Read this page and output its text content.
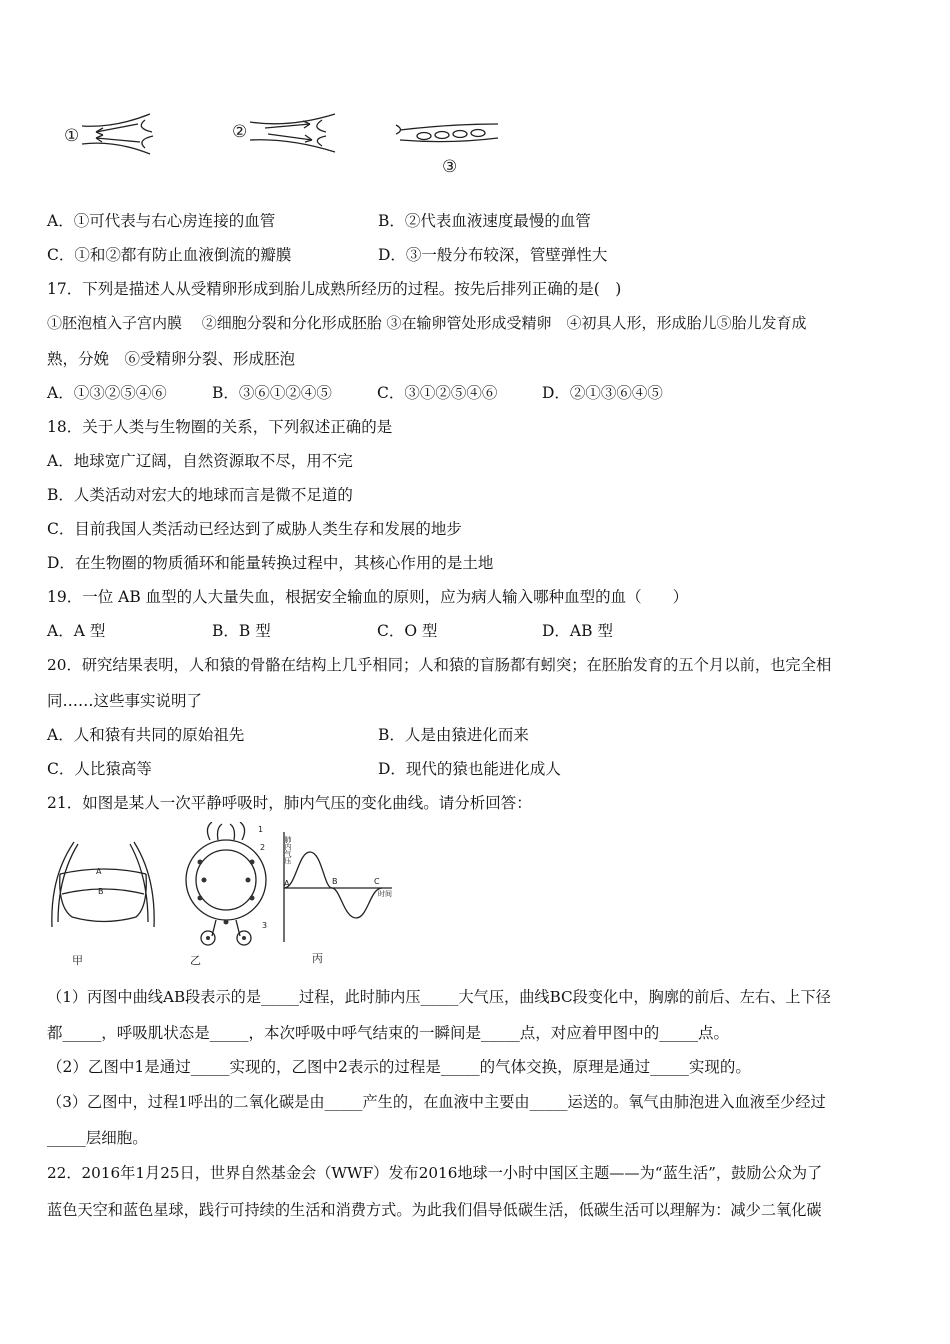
①	②
③
A．①可代表与右心房连接的血管	B．②代表血液速度最慢的血管
C．①和②都有防止血液倒流的瓣膜	D．③一般分布较深，管壁弹性大
17．下列是描述人从受精卵形成到胎儿成熟所经历的过程。按先后排列正确的是(　)
①胚泡植入子宫内膜　 ②细胞分裂和分化形成胚胎 ③在输卵管处形成受精卵　④初具人形，形成胎儿⑤胎儿发育成
熟，分娩　⑥受精卵分裂、形成胚泡
A．①③②⑤④⑥	B．③⑥①②④⑤	C．③①②⑤④⑥	D．②①③⑥④⑤
18．关于人类与生物圈的关系，下列叙述正确的是
A．地球宽广辽阔，自然资源取不尽，用不完
B．人类活动对宏大的地球而言是微不足道的
C．目前我国人类活动已经达到了威胁人类生存和发展的地步
D．在生物圈的物质循环和能量转换过程中，其核心作用的是土地
19．一位 AB 血型的人大量失血，根据安全输血的原则，应为病人输入哪种血型的血（　　）
A．A 型	B．B 型	C．O 型	D．AB 型
20．研究结果表明，人和猿的骨骼在结构上几乎相同；人和猿的盲肠都有蚓突；在胚胎发育的五个月以前，也完全相
同……这些事实说明了
A．人和猿有共同的原始祖先	B．人是由猿进化而来
C．人比猿高等	D．现代的猿也能进化成人
21．如图是某人一次平静呼吸时，肺内气压的变化曲线。请分析回答：
A
B
甲	乙	丙
1
2
3
肺内气压
A	B	C
时间
（1）丙图中曲线AB段表示的是_____过程，此时肺内压_____大气压，曲线BC段变化中，胸廓的前后、左右、上下径
都_____，呼吸肌状态是_____，本次呼吸中呼气结束的一瞬间是_____点，对应着甲图中的_____点。
（2）乙图中1是通过_____实现的，乙图中2表示的过程是_____的气体交换，原理是通过_____实现的。
（3）乙图中，过程1呼出的二氧化碳是由_____产生的，在血液中主要由_____运送的。氧气由肺泡进入血液至少经过
_____层细胞。
22．2016年1月25日，世界自然基金会（WWF）发布2016地球一小时中国区主题——为“蓝生活”，鼓励公众为了
蓝色天空和蓝色星球，践行可持续的生活和消费方式。为此我们倡导低碳生活，低碳生活可以理解为：减少二氧化碳
